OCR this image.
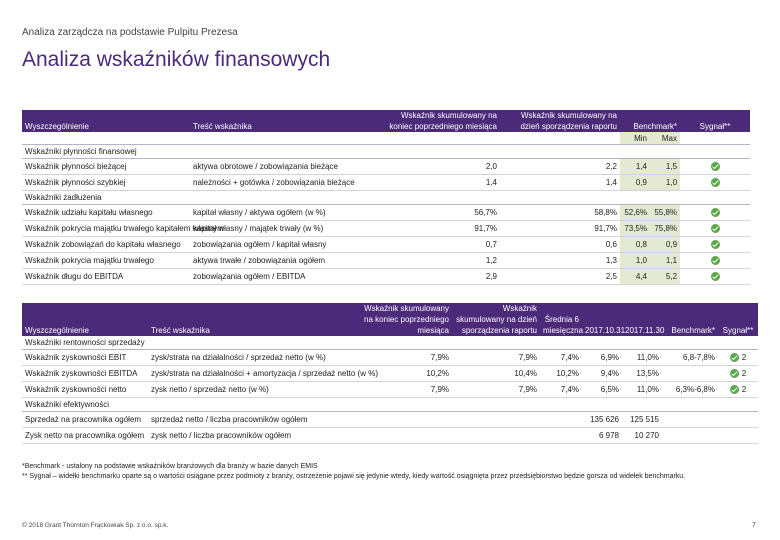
Analiza zarządcza na podstawie Pulpitu Prezesa
Analiza wskaźników finansowych
Wyszczególnienie	Treść wskaźnika	Wskaźnik skumulowany na koniec poprzedniego miesiąca	Wskaźnik skumulowany na dzień sporządzenia raportu	Benchmark*		Sygnał**
				Min	Max	
Wskaźniki płynności finansowej						
Wskaźnik płynności bieżącej	aktywa obrotowe / zobowiązania bieżące	2,0	2,2	1,4	1,5	
Wskaźnik płynności szybkiej	należności + gotówka / zobowiązania bieżące	1,4	1,4	0,9	1,0	
Wskaźniki zadłużenia						
Wskaźnik udziału kapitału własnego	kapitał własny / aktywa ogółem (w %)	56,7%	58,8%	52,6%	55,8%	
Wskaźnik pokrycia majątku trwałego kapitałem własnym	kapitał własny / majątek trwały (w %)	91,7%	91,7%	73,5%	75,8%	
Wskaźnik zobowiązań do kapitału własnego	zobowiązania ogółem / kapitał własny	0,7	0,6	0,8	0,9	
Wskaźnik pokrycia majątku trwałego	aktywa trwałe / zobowiązania ogółem	1,2	1,3	1,0	1,1	
Wskaźnik długu do EBITDA	zobowiązania ogółem / EBITDA	2,9	2,5	4,4	5,2	
Wyszczególnienie	Treść wskaźnika	Wskaźnik skumulowany na koniec poprzedniego miesiąca	Wskaźnik skumulowany na dzień sporządzenia raportu	Średnia 6 miesięczna	2017.10.31	2017.11.30	Benchmark*	Sygnał**
Wskaźniki rentowności sprzedaży								
Wskaźnik zyskowności EBIT	zysk/strata na działalności / sprzedaż netto (w %)	7,9%	7,9%	7,4%	6,9%	11,0%	6,8-7,8%	2
Wskaźnik zyskowności EBITDA	zysk/strata na działalności + amortyzacja / sprzedaż netto (w %)	10,2%	10,4%	10,2%	9,4%	13,5%		2
Wskaźnik zyskowności netto	zysk netto / sprzedaż netto (w %)	7,9%	7,9%	7,4%	6,5%	11,0%	6,3%-6,8%	2
Wskaźniki efektywności								
Sprzedaż na pracownika ogółem	sprzedaż netto / liczba pracowników ogółem				135 626	125 515		
Zysk netto na pracownika ogółem	zysk netto / liczba pracowników ogółem				6 978	10 270		
*Benchmark - ustalony na podstawie wskaźników branżowych dla branży w bazie danych EMIS
** Sygnał – widełki benchmarku oparte są o wartości osiągane przez podmioty z branży, ostrzeżenie pojawi się jedynie wtedy, kiedy wartość osiągnięta przez przedsiębiorstwo będzie gorsza od widełek benchmarku.
© 2018 Grant Thornton Frąckowiak Sp. z o.o. sp.k.	7
